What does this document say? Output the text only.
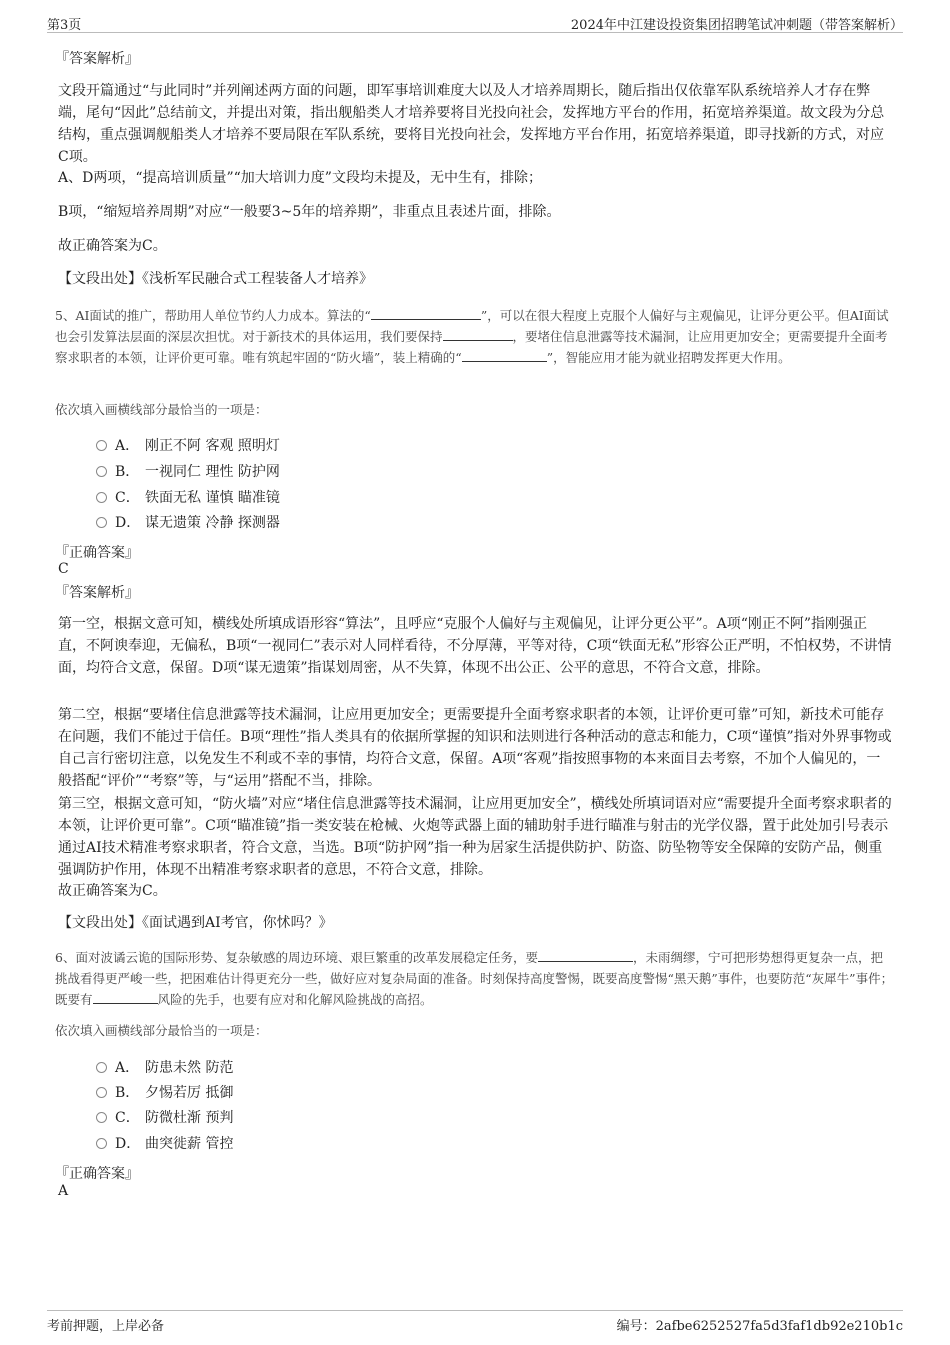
第3页	2024年中江建设投资集团招聘笔试冲刺题（带答案解析）
『答案解析』

文段开篇通过“与此同时”并列阐述两方面的问题，即军事培训难度大以及人才培养周期长，随后指出仅依靠军队系统培养人才存在弊端，尾句“因此”总结前文，并提出对策，指出舰船类人才培养要将目光投向社会，发挥地方平台的作用，拓宽培养渠道。故文段为分总结构，重点强调舰船类人才培养不要局限在军队系统，要将目光投向社会，发挥地方平台作用，拓宽培养渠道，即寻找新的方式，对应C项。

A、D两项，“提高培训质量”“加大培训力度”文段均未提及，无中生有，排除；

B项，“缩短培养周期”对应“一般要3~5年的培养期”，非重点且表述片面，排除。

故正确答案为C。

【文段出处】《浅析军民融合式工程装备人才培养》

5、AI面试的推广，帮助用人单位节约人力成本。算法的“	”，可以在很大程度上克服个人偏好与主观偏见，让评分更公平。但AI面试也会引发算法层面的深层次担忧。对于新技术的具体运用，我们要保持	，要堵住信息泄露等技术漏洞，让应用更加安全；更需要提升全面考察求职者的本领，让评价更可靠。唯有筑起牢固的“防火墙”，装上精确的“	”，智能应用才能为就业招聘发挥更大作用。

依次填入画横线部分最恰当的一项是：
A． 刚正不阿 客观 照明灯
B． 一视同仁 理性 防护网
C． 铁面无私 谨慎 瞄准镜
D． 谋无遗策 冷静 探测器
『正确答案』
C
『答案解析』

第一空，根据文意可知，横线处所填成语形容“算法”，且呼应“克服个人偏好与主观偏见，让评分更公平”。A项“刚正不阿”指刚强正直，不阿谀奉迎，无偏私，B项“一视同仁”表示对人同样看待，不分厚薄，平等对待，C项“铁面无私”形容公正严明，不怕权势，不讲情面，均符合文意，保留。D项“谋无遗策”指谋划周密，从不失算，体现不出公正、公平的意思，不符合文意，排除。

第二空，根据“要堵住信息泄露等技术漏洞，让应用更加安全；更需要提升全面考察求职者的本领，让评价更可靠”可知，新技术可能存在问题，我们不能过于信任。B项“理性”指人类具有的依据所掌握的知识和法则进行各种活动的意志和能力，C项“谨慎”指对外界事物或自己言行密切注意，以免发生不利或不幸的事情，均符合文意，保留。A项“客观”指按照事物的本来面目去考察，不加个人偏见的，一般搭配“评价”“考察”等，与“运用”搭配不当，排除。

第三空，根据文意可知，“防火墙”对应“堵住信息泄露等技术漏洞，让应用更加安全”，横线处所填词语对应“需要提升全面考察求职者的本领，让评价更可靠”。C项“瞄准镜”指一类安装在枪械、火炮等武器上面的辅助射手进行瞄准与射击的光学仪器，置于此处加引号表示通过AI技术精准考察求职者，符合文意，当选。B项“防护网”指一种为居家生活提供防护、防盗、防坠物等安全保障的安防产品，侧重强调防护作用，体现不出精准考察求职者的意思，不符合文意，排除。

故正确答案为C。

【文段出处】《面试遇到AI考官，你怵吗？》

6、面对波谲云诡的国际形势、复杂敏感的周边环境、艰巨繁重的改革发展稳定任务，要	，未雨绸缪，宁可把形势想得更复杂一点，把挑战看得更严峻一些，把困难估计得更充分一些，做好应对复杂局面的准备。时刻保持高度警惕，既要高度警惕“黑天鹅”事件，也要防范“灰犀牛”事件；既要有	风险的先手，也要有应对和化解风险挑战的高招。

依次填入画横线部分最恰当的一项是：
A． 防患未然 防范
B． 夕惕若厉 抵御
C． 防微杜渐 预判
D． 曲突徙薪 管控
『正确答案』
A
考前押题，上岸必备	编号：2afbe6252527fa5d3faf1db92e210b1c
